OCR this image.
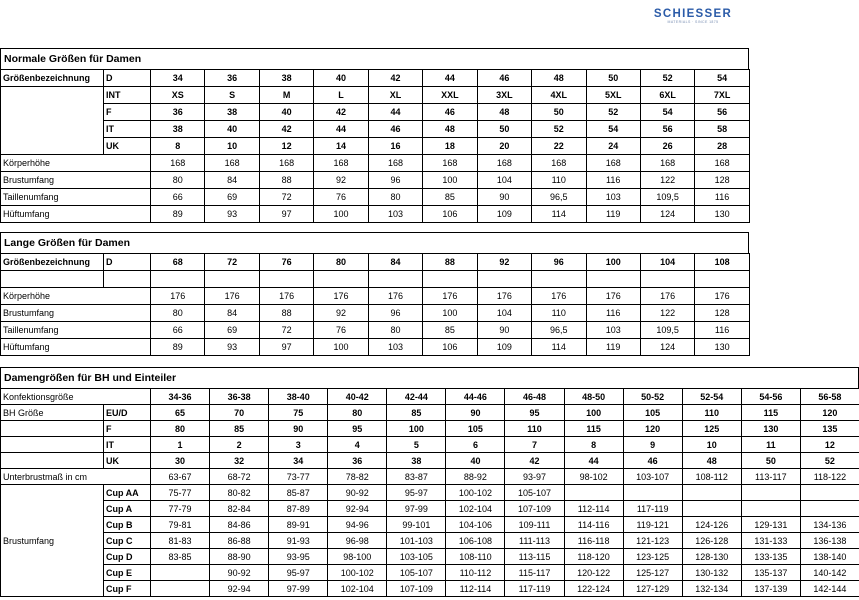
SCHIESSER
MATERIALS · SINCE 1875
Normale Größen für Damen
Größenbezeichnung	D	34	36	38	40	42	44	46	48	50	52	54
	INT	XS	S	M	L	XL	XXL	3XL	4XL	5XL	6XL	7XL
	F	36	38	40	42	44	46	48	50	52	54	56
	IT	38	40	42	44	46	48	50	52	54	56	58
	UK	8	10	12	14	16	18	20	22	24	26	28
Körperhöhe		168	168	168	168	168	168	168	168	168	168	168
Brustumfang		80	84	88	92	96	100	104	110	116	122	128
Taillenumfang		66	69	72	76	80	85	90	96,5	103	109,5	116
Hüftumfang		89	93	97	100	103	106	109	114	119	124	130
Lange Größen für Damen
Größenbezeichnung	D	68	72	76	80	84	88	92	96	100	104	108

Körperhöhe		176	176	176	176	176	176	176	176	176	176	176
Brustumfang		80	84	88	92	96	100	104	110	116	122	128
Taillenumfang		66	69	72	76	80	85	90	96,5	103	109,5	116
Hüftumfang		89	93	97	100	103	106	109	114	119	124	130
Damengrößen für BH und Einteiler
Konfektionsgröße		34-36	36-38	38-40	40-42	42-44	44-46	46-48	48-50	50-52	52-54	54-56	56-58
BH Größe	EU/D	65	70	75	80	85	90	95	100	105	110	115	120
	F	80	85	90	95	100	105	110	115	120	125	130	135
	IT	1	2	3	4	5	6	7	8	9	10	11	12
	UK	30	32	34	36	38	40	42	44	46	48	50	52
Unterbrustmaß in cm		63-67	68-72	73-77	78-82	83-87	88-92	93-97	98-102	103-107	108-112	113-117	118-122
Brustumfang	Cup AA	75-77	80-82	85-87	90-92	95-97	100-102	105-107					
	Cup A	77-79	82-84	87-89	92-94	97-99	102-104	107-109	112-114	117-119			
	Cup B	79-81	84-86	89-91	94-96	99-101	104-106	109-111	114-116	119-121	124-126	129-131	134-136
	Cup C	81-83	86-88	91-93	96-98	101-103	106-108	111-113	116-118	121-123	126-128	131-133	136-138
	Cup D	83-85	88-90	93-95	98-100	103-105	108-110	113-115	118-120	123-125	128-130	133-135	138-140
	Cup E		90-92	95-97	100-102	105-107	110-112	115-117	120-122	125-127	130-132	135-137	140-142
	Cup F		92-94	97-99	102-104	107-109	112-114	117-119	122-124	127-129	132-134	137-139	142-144
